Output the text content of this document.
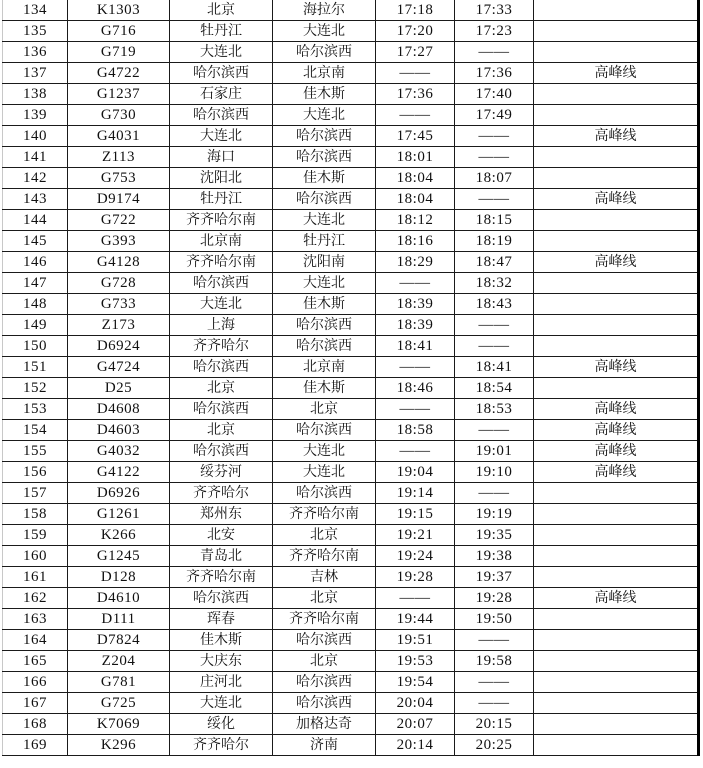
134	K1303	北京	海拉尔	17:18	17:33	
135	G716	牡丹江	大连北	17:20	17:23	
136	G719	大连北	哈尔滨西	17:27	——	
137	G4722	哈尔滨西	北京南	——	17:36	高峰线
138	G1237	石家庄	佳木斯	17:36	17:40	
139	G730	哈尔滨西	大连北	——	17:49	
140	G4031	大连北	哈尔滨西	17:45	——	高峰线
141	Z113	海口	哈尔滨西	18:01	——	
142	G753	沈阳北	佳木斯	18:04	18:07	
143	D9174	牡丹江	哈尔滨西	18:04	——	高峰线
144	G722	齐齐哈尔南	大连北	18:12	18:15	
145	G393	北京南	牡丹江	18:16	18:19	
146	G4128	齐齐哈尔南	沈阳南	18:29	18:47	高峰线
147	G728	哈尔滨西	大连北	——	18:32	
148	G733	大连北	佳木斯	18:39	18:43	
149	Z173	上海	哈尔滨西	18:39	——	
150	D6924	齐齐哈尔	哈尔滨西	18:41	——	
151	G4724	哈尔滨西	北京南	——	18:41	高峰线
152	D25	北京	佳木斯	18:46	18:54	
153	D4608	哈尔滨西	北京	——	18:53	高峰线
154	D4603	北京	哈尔滨西	18:58	——	高峰线
155	G4032	哈尔滨西	大连北	——	19:01	高峰线
156	G4122	绥芬河	大连北	19:04	19:10	高峰线
157	D6926	齐齐哈尔	哈尔滨西	19:14	——	
158	G1261	郑州东	齐齐哈尔南	19:15	19:19	
159	K266	北安	北京	19:21	19:35	
160	G1245	青岛北	齐齐哈尔南	19:24	19:38	
161	D128	齐齐哈尔南	吉林	19:28	19:37	
162	D4610	哈尔滨西	北京	——	19:28	高峰线
163	D111	珲春	齐齐哈尔南	19:44	19:50	
164	D7824	佳木斯	哈尔滨西	19:51	——	
165	Z204	大庆东	北京	19:53	19:58	
166	G781	庄河北	哈尔滨西	19:54	——	
167	G725	大连北	哈尔滨西	20:04	——	
168	K7069	绥化	加格达奇	20:07	20:15	
169	K296	齐齐哈尔	济南	20:14	20:25	
